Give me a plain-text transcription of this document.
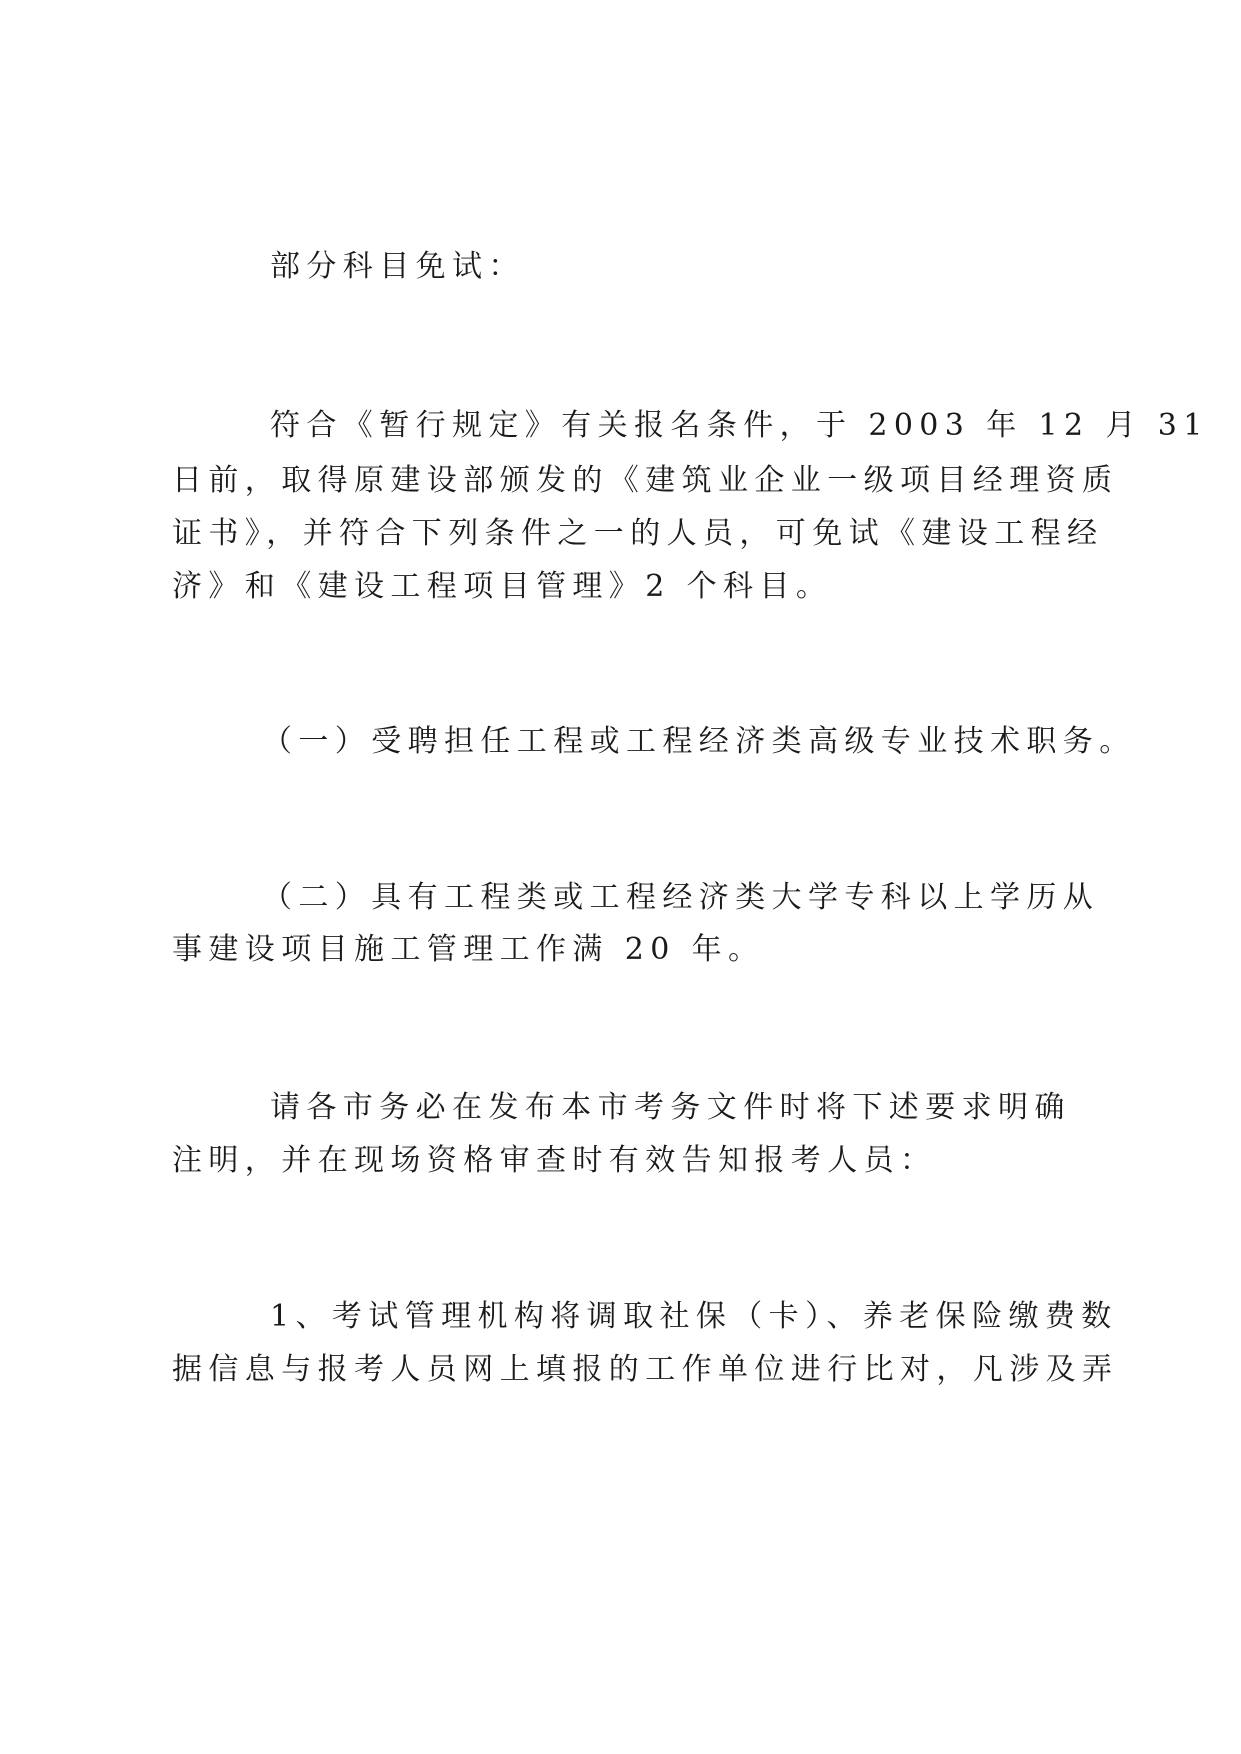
部分科目免试：

符合《暂行规定》有关报名条件，于 2003 年 12 月 31

日前，取得原建设部颁发的《建筑业企业一级项目经理资质

证书》，并符合下列条件之一的人员，可免试《建设工程经

济》和《建设工程项目管理》2 个科目。

（一）受聘担任工程或工程经济类高级专业技术职务。

（二）具有工程类或工程经济类大学专科以上学历从

事建设项目施工管理工作满 20 年。

请各市务必在发布本市考务文件时将下述要求明确

注明，并在现场资格审查时有效告知报考人员：

1、考试管理机构将调取社保（卡）、养老保险缴费数

据信息与报考人员网上填报的工作单位进行比对，凡涉及弄
